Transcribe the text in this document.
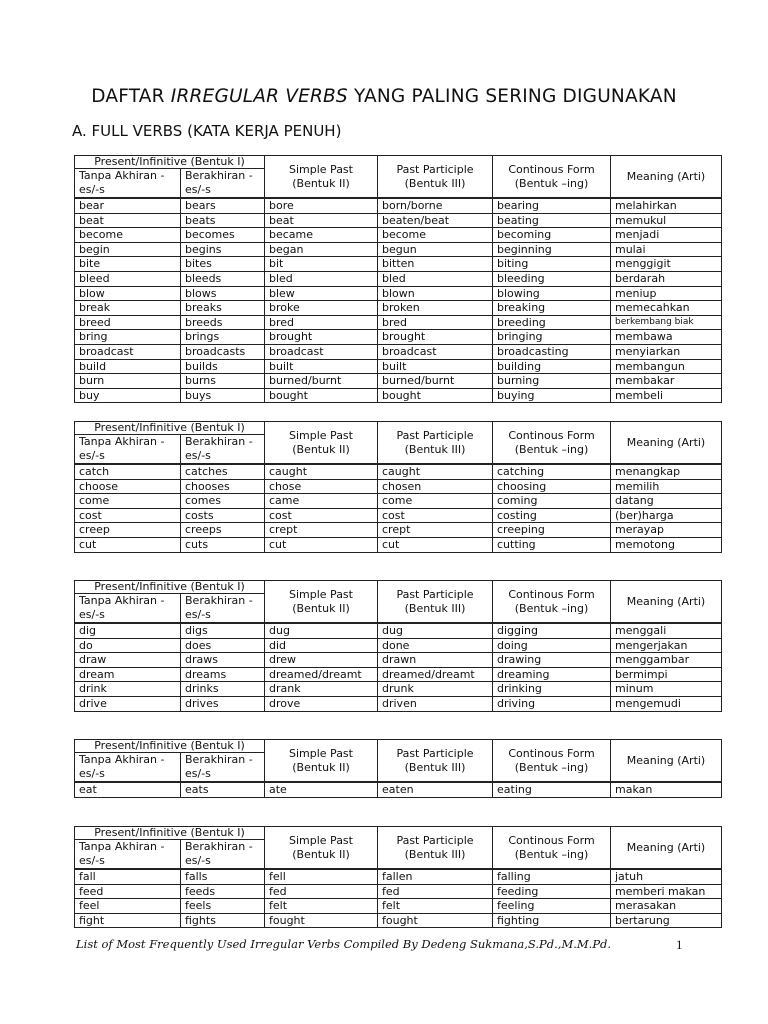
DAFTAR IRREGULAR VERBS YANG PALING SERING DIGUNAKAN
A. FULL VERBS (KATA KERJA PENUH)
Present/Infinitive (Bentuk I)		Simple Past (Bentuk II)	Past Participle (Bentuk III)	Continous Form (Bentuk –ing)	Meaning (Arti)
Tanpa Akhiran - es/-s	Berakhiran -es/-s				
bear	bears	bore	born/borne	bearing	melahirkan
beat	beats	beat	beaten/beat	beating	memukul
become	becomes	became	become	becoming	menjadi
begin	begins	began	begun	beginning	mulai
bite	bites	bit	bitten	biting	menggigit
bleed	bleeds	bled	bled	bleeding	berdarah
blow	blows	blew	blown	blowing	meniup
break	breaks	broke	broken	breaking	memecahkan
breed	breeds	bred	bred	breeding	berkembang biak
bring	brings	brought	brought	bringing	membawa
broadcast	broadcasts	broadcast	broadcast	broadcasting	menyiarkan
build	builds	built	built	building	membangun
burn	burns	burned/burnt	burned/burnt	burning	membakar
buy	buys	bought	bought	buying	membeli
Present/Infinitive (Bentuk I)		Simple Past (Bentuk II)	Past Participle (Bentuk III)	Continous Form (Bentuk –ing)	Meaning (Arti)
Tanpa Akhiran - es/-s	Berakhiran -es/-s				
catch	catches	caught	caught	catching	menangkap
choose	chooses	chose	chosen	choosing	memilih
come	comes	came	come	coming	datang
cost	costs	cost	cost	costing	(ber)harga
creep	creeps	crept	crept	creeping	merayap
cut	cuts	cut	cut	cutting	memotong
Present/Infinitive (Bentuk I)		Simple Past (Bentuk II)	Past Participle (Bentuk III)	Continous Form (Bentuk –ing)	Meaning (Arti)
Tanpa Akhiran - es/-s	Berakhiran -es/-s				
dig	digs	dug	dug	digging	menggali
do	does	did	done	doing	mengerjakan
draw	draws	drew	drawn	drawing	menggambar
dream	dreams	dreamed/dreamt	dreamed/dreamt	dreaming	bermimpi
drink	drinks	drank	drunk	drinking	minum
drive	drives	drove	driven	driving	mengemudi
Present/Infinitive (Bentuk I)		Simple Past (Bentuk II)	Past Participle (Bentuk III)	Continous Form (Bentuk –ing)	Meaning (Arti)
Tanpa Akhiran - es/-s	Berakhiran -es/-s				
eat	eats	ate	eaten	eating	makan
Present/Infinitive (Bentuk I)		Simple Past (Bentuk II)	Past Participle (Bentuk III)	Continous Form (Bentuk –ing)	Meaning (Arti)
Tanpa Akhiran - es/-s	Berakhiran -es/-s				
fall	falls	fell	fallen	falling	jatuh
feed	feeds	fed	fed	feeding	memberi makan
feel	feels	felt	felt	feeling	merasakan
fight	fights	fought	fought	fighting	bertarung
List of Most Frequently Used Irregular Verbs Compiled By Dedeng Sukmana,S.Pd.,M.M.Pd.	1
